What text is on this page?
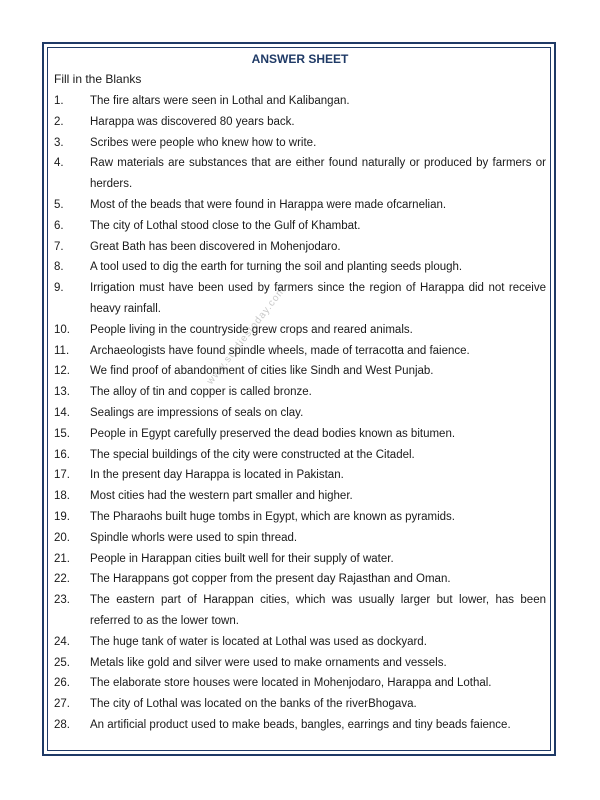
www.studiestoday.com
ANSWER SHEET
Fill in the Blanks
1.	The fire altars were seen in Lothal and Kalibangan.
2.	Harappa was discovered 80 years back.
3.	Scribes were people who knew how to write.
4.	Raw materials are substances that are either found naturally or produced by farmers or herders.
5.	Most of the beads that were found in Harappa were made ofcarnelian.
6.	The city of Lothal stood close to the Gulf of Khambat.
7.	Great Bath has been discovered in Mohenjodaro.
8.	A tool used to dig the earth for turning the soil and planting seeds plough.
9.	Irrigation must have been used by farmers since the region of Harappa did not receive heavy rainfall.
10.	People living in the countryside grew crops and reared animals.
11.	Archaeologists have found spindle wheels, made of terracotta and faience.
12.	We find proof of abandonment of cities like Sindh and West Punjab.
13.	The alloy of tin and copper is called bronze.
14.	Sealings are impressions of seals on clay.
15.	People in Egypt carefully preserved the dead bodies known as bitumen.
16.	The special buildings of the city were constructed at the Citadel.
17.	In the present day Harappa is located in Pakistan.
18.	Most cities had the western part smaller and higher.
19.	The Pharaohs built huge tombs in Egypt, which are known as pyramids.
20.	Spindle whorls were used to spin thread.
21.	People in Harappan cities built well for their supply of water.
22.	The Harappans got copper from the present day Rajasthan and Oman.
23.	The eastern part of Harappan cities, which was usually larger but lower, has been referred to as the lower town.
24.	The huge tank of water is located at Lothal was used as dockyard.
25.	Metals like gold and silver were used to make ornaments and vessels.
26.	The elaborate store houses were located in Mohenjodaro, Harappa and Lothal.
27.	The city of Lothal was located on the banks of the riverBhogava.
28.	An artificial product used to make beads, bangles, earrings and tiny beads faience.
